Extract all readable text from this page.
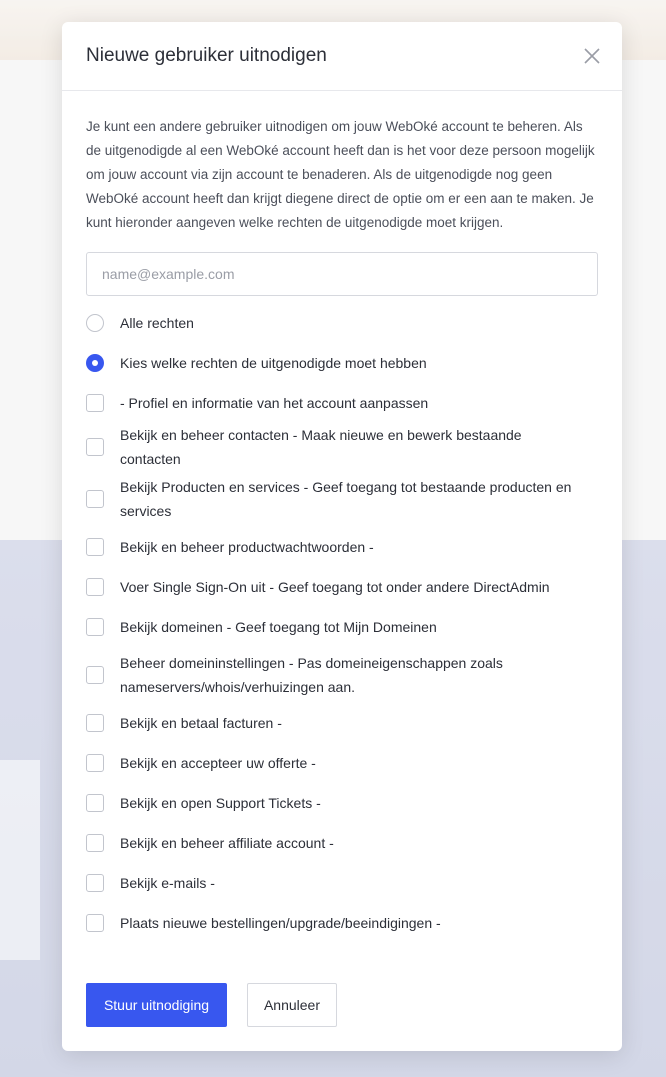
Nieuwe gebruiker uitnodigen

Je kunt een andere gebruiker uitnodigen om jouw WebOké account te beheren. Als de uitgenodigde al een WebOké account heeft dan is het voor deze persoon mogelijk om jouw account via zijn account te benaderen. Als de uitgenodigde nog geen WebOké account heeft dan krijgt diegene direct de optie om er een aan te maken. Je kunt hieronder aangeven welke rechten de uitgenodigde moet krijgen.

name@example.com
Alle rechten
Kies welke rechten de uitgenodigde moet hebben
- Profiel en informatie van het account aanpassen
Bekijk en beheer contacten - Maak nieuwe en bewerk bestaande contacten
Bekijk Producten en services - Geef toegang tot bestaande producten en services
Bekijk en beheer productwachtwoorden -
Voer Single Sign-On uit - Geef toegang tot onder andere DirectAdmin
Bekijk domeinen - Geef toegang tot Mijn Domeinen
Beheer domeininstellingen - Pas domeineigenschappen zoals nameservers/whois/verhuizingen aan.
Bekijk en betaal facturen -
Bekijk en accepteer uw offerte -
Bekijk en open Support Tickets -
Bekijk en beheer affiliate account -
Bekijk e-mails -
Plaats nieuwe bestellingen/upgrade/beeindigingen -
Stuur uitnodiging	Annuleer
